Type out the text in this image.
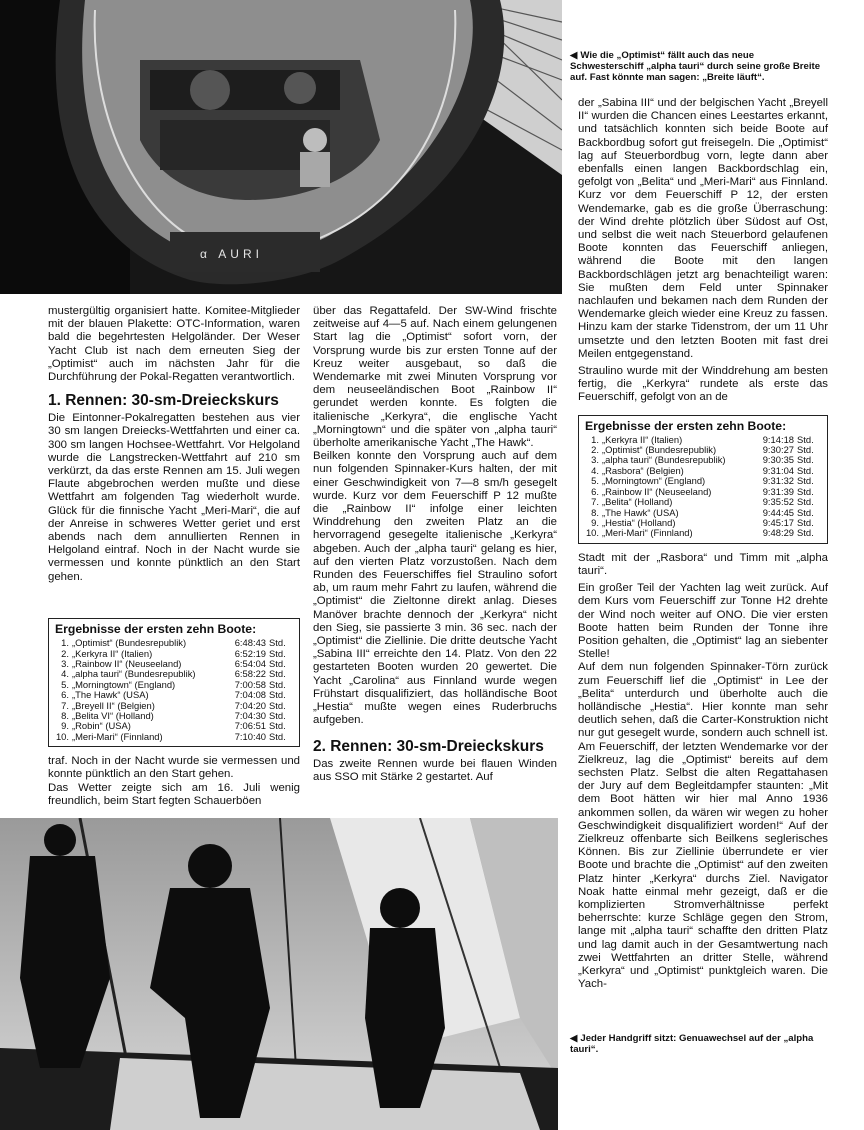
α AURI
◀ Wie die „Optimist“ fällt auch das neue Schwesterschiff „alpha tauri“ durch seine große Breite auf. Fast könnte man sagen: „Breite läuft“.

mustergültig organisiert hatte. Komitee-Mitglieder mit der blauen Plakette: OTC-Information, waren bald die begehrtesten Helgoländer. Der Weser Yacht Club ist nach dem erneuten Sieg der „Optimist“ auch im nächsten Jahr für die Durchführung der Pokal-Regatten verantwortlich.

1. Rennen: 30-sm-Dreieckskurs

Die Eintonner-Pokalregatten bestehen aus vier 30 sm langen Dreiecks-Wettfahrten und einer ca. 300 sm langen Hochsee-Wettfahrt. Vor Helgoland wurde die Langstrecken-Wettfahrt auf 210 sm verkürzt, da das erste Rennen am 15. Juli wegen Flaute abgebrochen werden mußte und diese Wettfahrt am folgenden Tag wiederholt wurde. Glück für die finnische Yacht „Meri-Mari“, die auf der Anreise in schweres Wetter geriet und erst abends nach dem annullierten Rennen in Helgoland eintraf. Noch in der Nacht wurde sie vermessen und konnte pünktlich an den Start gehen.

Ergebnisse der ersten zehn Boote:
1. „Optimist“ (Bundesrepublik)	6:48:43 Std.
2. „Kerkyra II“ (Italien)	6:52:19 Std.
3. „Rainbow II“ (Neuseeland)	6:54:04 Std.
4. „alpha tauri“ (Bundesrepublik)	6:58:22 Std.
5. „Morningtown“ (England)	7:00:58 Std.
6. „The Hawk“ (USA)	7:04:08 Std.
7. „Breyell II“ (Belgien)	7:04:20 Std.
8. „Belita VI“ (Holland)	7:04:30 Std.
9. „Robin“ (USA)	7:06:51 Std.
10. „Meri-Mari“ (Finnland)	7:10:40 Std.

traf. Noch in der Nacht wurde sie vermessen und konnte pünktlich an den Start gehen.

Das Wetter zeigte sich am 16. Juli wenig freundlich, beim Start fegten Schauerböen

über das Regattafeld. Der SW-Wind frischte zeitweise auf 4—5 auf. Nach einem gelungenen Start lag die „Optimist“ sofort vorn, der Vorsprung wurde bis zur ersten Tonne auf der Kreuz weiter ausgebaut, so daß die Wendemarke mit zwei Minuten Vorsprung vor dem neuseeländischen Boot „Rainbow II“ gerundet werden konnte. Es folgten die italienische „Kerkyra“, die englische Yacht „Morningtown“ und die später von „alpha tauri“ überholte amerikanische Yacht „The Hawk“.

Beilken konnte den Vorsprung auch auf dem nun folgenden Spinnaker-Kurs halten, der mit einer Geschwindigkeit von 7—8 sm/h gesegelt wurde. Kurz vor dem Feuerschiff P 12 mußte die „Rainbow II“ infolge einer leichten Winddrehung den zweiten Platz an die hervorragend gesegelte italienische „Kerkyra“ abgeben. Auch der „alpha tauri“ gelang es hier, auf den vierten Platz vorzustoßen. Nach dem Runden des Feuerschiffes fiel Straulino sofort ab, um raum mehr Fahrt zu laufen, während die „Optimist“ die Zieltonne direkt anlag. Dieses Manöver brachte dennoch der „Kerkyra“ nicht den Sieg, sie passierte 3 min. 36 sec. nach der „Optimist“ die Ziellinie. Die dritte deutsche Yacht „Sabina III“ erreichte den 14. Platz. Von den 22 gestarteten Booten wurden 20 gewertet. Die Yacht „Carolina“ aus Finnland wurde wegen Frühstart disqualifiziert, das holländische Boot „Hestia“ mußte wegen eines Ruderbruchs aufgeben.

2. Rennen: 30-sm-Dreieckskurs

Das zweite Rennen wurde bei flauen Winden aus SSO mit Stärke 2 gestartet. Auf

der „Sabina III“ und der belgischen Yacht „Breyell II“ wurden die Chancen eines Leestartes erkannt, und tatsächlich konnten sich beide Boote auf Backbordbug sofort gut freisegeln. Die „Optimist“ lag auf Steuerbordbug vorn, legte dann aber ebenfalls einen langen Backbordschlag ein, gefolgt von „Belita“ und „Meri-Mari“ aus Finnland. Kurz vor dem Feuerschiff P 12, der ersten Wendemarke, gab es die große Überraschung: der Wind drehte plötzlich über Südost auf Ost, und selbst die weit nach Steuerbord gelaufenen Boote konnten das Feuerschiff anliegen, während die Boote mit den langen Backbordschlägen jetzt arg benachteiligt waren: Sie mußten dem Feld unter Spinnaker nachlaufen und bekamen nach dem Runden der Wendemarke gleich wieder eine Kreuz zu fassen. Hinzu kam der starke Tidenstrom, der um 11 Uhr umsetzte und den letzten Booten mit fast drei Meilen entgegenstand.

Straulino wurde mit der Winddrehung am besten fertig, die „Kerkyra“ rundete als erste das Feuerschiff, gefolgt von an de

Ergebnisse der ersten zehn Boote:
1. „Kerkyra II“ (Italien)	9:14:18 Std.
2. „Optimist“ (Bundesrepublik)	9:30:27 Std.
3. „alpha tauri“ (Bundesrepublik)	9:30:35 Std.
4. „Rasbora“ (Belgien)	9:31:04 Std.
5. „Morningtown“ (England)	9:31:32 Std.
6. „Rainbow II“ (Neuseeland)	9:31:39 Std.
7. „Belita“ (Holland)	9:35:52 Std.
8. „The Hawk“ (USA)	9:44:45 Std.
9. „Hestia“ (Holland)	9:45:17 Std.
10. „Meri-Mari“ (Finnland)	9:48:29 Std.

Stadt mit der „Rasbora“ und Timm mit „alpha tauri“.

Ein großer Teil der Yachten lag weit zurück. Auf dem Kurs vom Feuerschiff zur Tonne H2 drehte der Wind noch weiter auf ONO. Die vier ersten Boote hatten beim Runden der Tonne ihre Position gehalten, die „Optimist“ lag an siebenter Stelle!

Auf dem nun folgenden Spinnaker-Törn zurück zum Feuerschiff lief die „Optimist“ in Lee der „Belita“ unterdurch und überholte auch die holländische „Hestia“. Hier konnte man sehr deutlich sehen, daß die Carter-Konstruktion nicht nur gut gesegelt wurde, sondern auch schnell ist. Am Feuerschiff, der letzten Wendemarke vor der Zielkreuz, lag die „Optimist“ bereits auf dem sechsten Platz. Selbst die alten Regattahasen der Jury auf dem Begleitdampfer staunten: „Mit dem Boot hätten wir hier mal Anno 1936 ankommen sollen, da wären wir wegen zu hoher Geschwindigkeit disqualifiziert worden!“ Auf der Zielkreuz offenbarte sich Beilkens seglerisches Können. Bis zur Ziellinie überrundete er vier Boote und brachte die „Optimist“ auf den zweiten Platz hinter „Kerkyra“ durchs Ziel. Navigator Noak hatte einmal mehr gezeigt, daß er die komplizierten Stromverhältnisse perfekt beherrschte: kurze Schläge gegen den Strom, lange mit „alpha tauri“ schaffte den dritten Platz und lag damit auch in der Gesamtwertung nach zwei Wettfahrten an dritter Stelle, während „Kerkyra“ und „Optimist“ punktgleich waren. Die Yach-

◀ Jeder Handgriff sitzt: Genuawechsel auf der „alpha tauri“.
